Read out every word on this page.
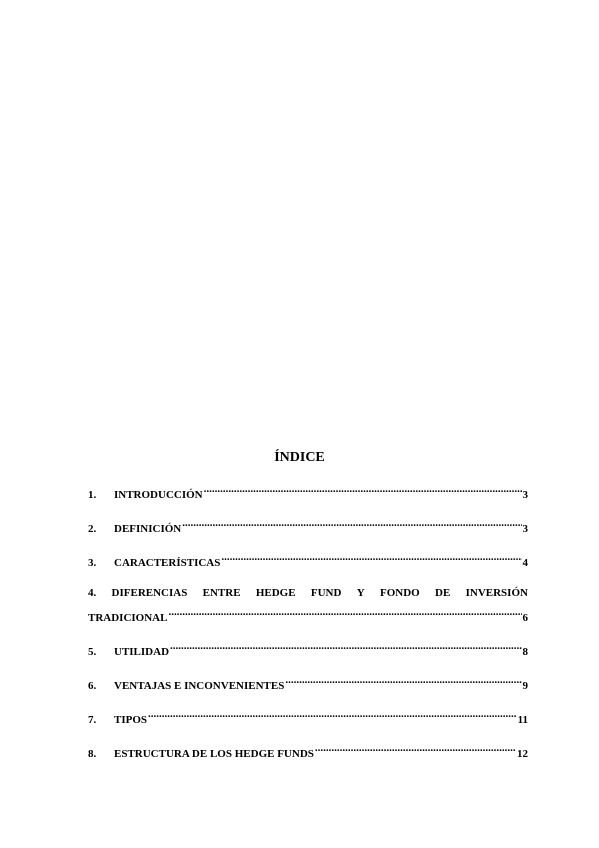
ÍNDICE
1.	INTRODUCCIÓN .....	3
2.	DEFINICIÓN .....	3
3.	CARACTERÍSTICAS .....	4
4. DIFERENCIAS ENTRE HEDGE FUND Y FONDO DE INVERSIÓN
TRADICIONAL .....	6
5.	UTILIDAD .....	8
6.	VENTAJAS E INCONVENIENTES .....	9
7.	TIPOS .....	11
8.	ESTRUCTURA DE LOS HEDGE FUNDS .....	12
